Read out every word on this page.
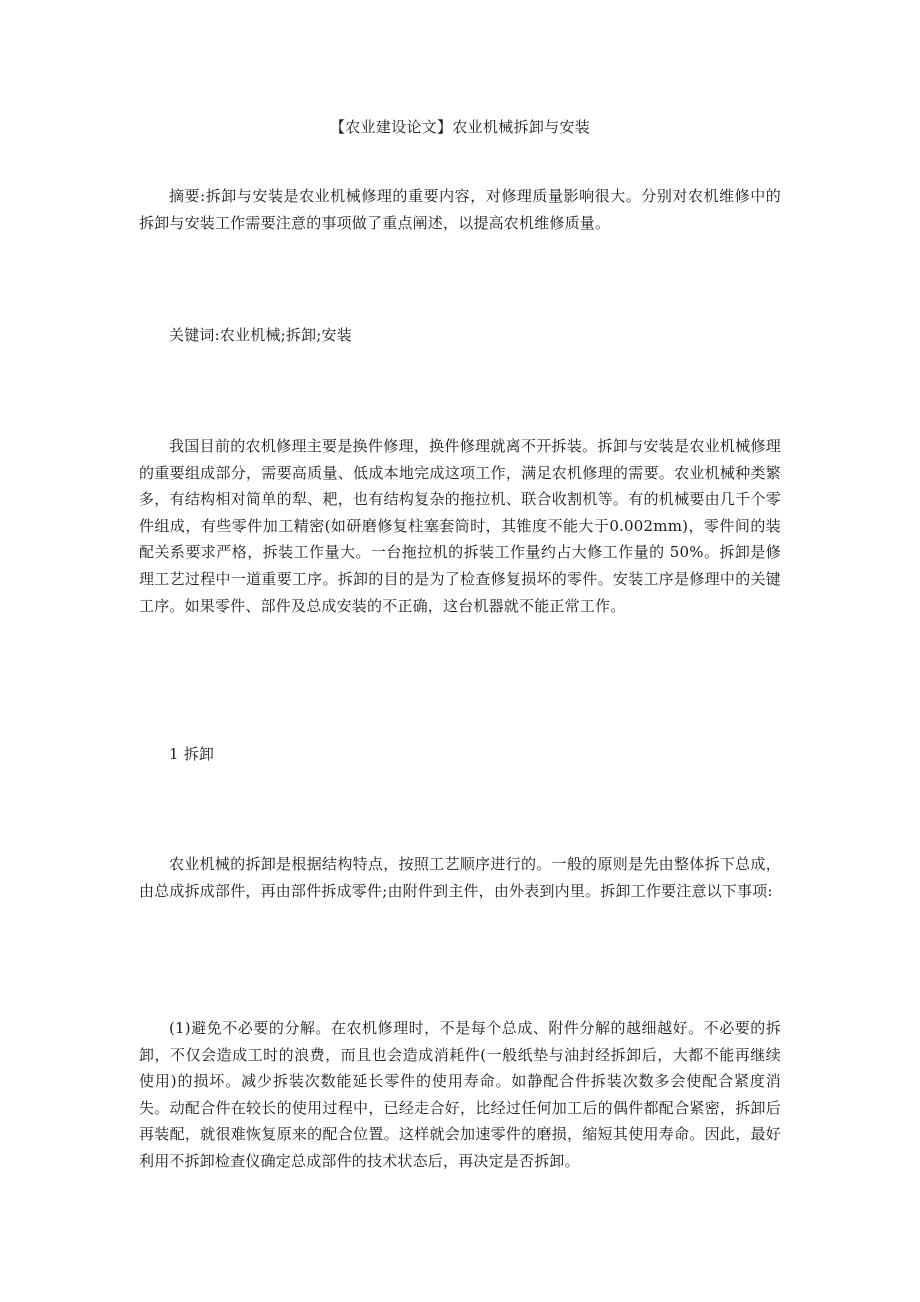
【农业建设论文】农业机械拆卸与安装

摘要:拆卸与安装是农业机械修理的重要内容，对修理质量影响很大。分别对农机维修中的拆卸与安装工作需要注意的事项做了重点阐述，以提高农机维修质量。

关键词:农业机械;拆卸;安装

我国目前的农机修理主要是换件修理，换件修理就离不开拆装。拆卸与安装是农业机械修理的重要组成部分，需要高质量、低成本地完成这项工作，满足农机修理的需要。农业机械种类繁多，有结构相对简单的犁、耙，也有结构复杂的拖拉机、联合收割机等。有的机械要由几千个零件组成，有些零件加工精密(如研磨修复柱塞套筒时，其锥度不能大于0.002mm)，零件间的装配关系要求严格，拆装工作量大。一台拖拉机的拆装工作量约占大修工作量的 50%。拆卸是修理工艺过程中一道重要工序。拆卸的目的是为了检查修复损坏的零件。安装工序是修理中的关键工序。如果零件、部件及总成安装的不正确，这台机器就不能正常工作。

1 拆卸

农业机械的拆卸是根据结构特点，按照工艺顺序进行的。一般的原则是先由整体拆下总成，由总成拆成部件，再由部件拆成零件;由附件到主件，由外表到内里。拆卸工作要注意以下事项:

(1)避免不必要的分解。在农机修理时，不是每个总成、附件分解的越细越好。不必要的拆卸，不仅会造成工时的浪费，而且也会造成消耗件(一般纸垫与油封经拆卸后，大都不能再继续使用)的损坏。减少拆装次数能延长零件的使用寿命。如静配合件拆装次数多会使配合紧度消失。动配合件在较长的使用过程中，已经走合好，比经过任何加工后的偶件都配合紧密，拆卸后再装配，就很难恢复原来的配合位置。这样就会加速零件的磨损，缩短其使用寿命。因此，最好利用不拆卸检查仪确定总成部件的技术状态后，再决定是否拆卸。
